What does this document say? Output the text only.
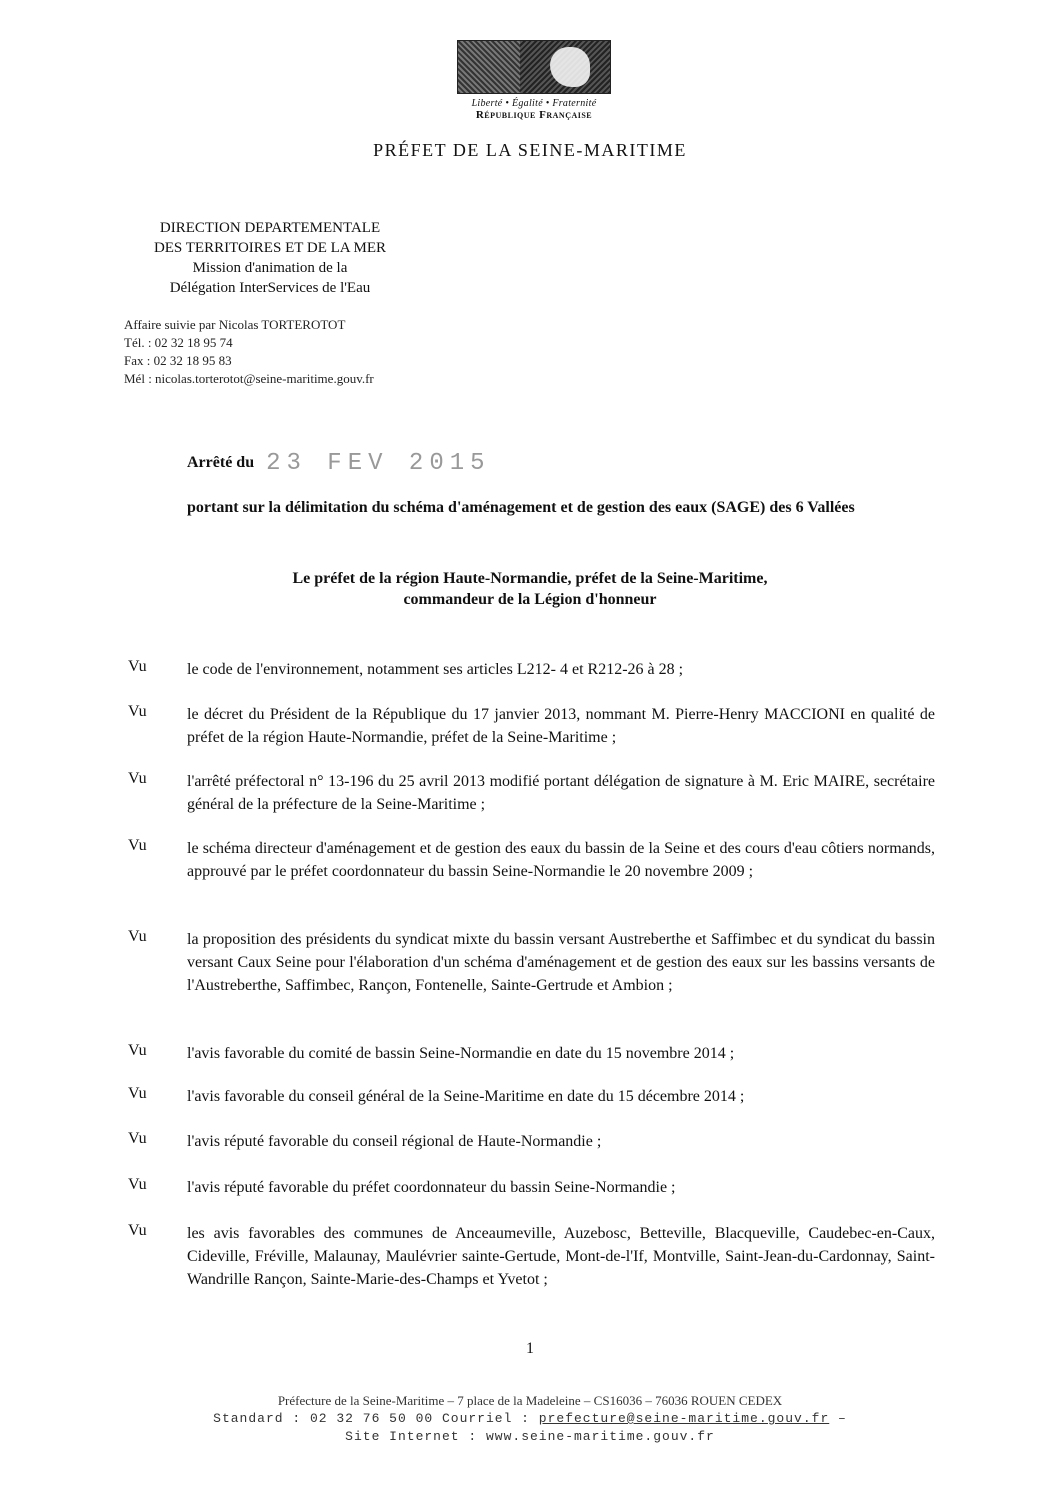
Liberté • Égalité • Fraternité
République Française
PRÉFET DE LA SEINE-MARITIME
DIRECTION DEPARTEMENTALE
DES TERRITOIRES ET DE LA MER
Mission d'animation de la
Délégation InterServices de l'Eau
Affaire suivie par Nicolas TORTEROTOT
Tél. : 02 32 18 95 74
Fax : 02 32 18 95 83
Mél : nicolas.torterotot@seine-maritime.gouv.fr
Arrêté du 23 FEV 2015
portant sur la délimitation du schéma d'aménagement et de gestion des eaux (SAGE) des 6 Vallées
Le préfet de la région Haute-Normandie, préfet de la Seine-Maritime,
commandeur de la Légion d'honneur
Vu	le code de l'environnement, notamment ses articles L212- 4 et R212-26 à 28 ;
Vu	le décret du Président de la République du 17 janvier 2013, nommant M. Pierre-Henry MACCIONI en qualité de préfet de la région Haute-Normandie, préfet de la Seine-Maritime ;
Vu	l'arrêté préfectoral n° 13-196 du 25 avril 2013 modifié portant délégation de signature à M. Eric MAIRE, secrétaire général de la préfecture de la Seine-Maritime ;
Vu	le schéma directeur d'aménagement et de gestion des eaux du bassin de la Seine et des cours d'eau côtiers normands, approuvé par le préfet coordonnateur du bassin Seine-Normandie le 20 novembre 2009 ;
Vu	la proposition des présidents du syndicat mixte du bassin versant Austreberthe et Saffimbec et du syndicat du bassin versant Caux Seine pour l'élaboration d'un schéma d'aménagement et de gestion des eaux sur les bassins versants de l'Austreberthe, Saffimbec, Rançon, Fontenelle, Sainte-Gertrude et Ambion ;
Vu	l'avis favorable du comité de bassin Seine-Normandie en date du 15 novembre 2014 ;
Vu	l'avis favorable du conseil général de la Seine-Maritime en date du 15 décembre 2014 ;
Vu	l'avis réputé favorable du conseil régional de Haute-Normandie ;
Vu	l'avis réputé favorable du préfet coordonnateur du bassin Seine-Normandie ;
Vu	les avis favorables des communes de Anceaumeville, Auzebosc, Betteville, Blacqueville, Caudebec-en-Caux, Cideville, Fréville, Malaunay, Maulévrier sainte-Gertude, Mont-de-l'If, Montville, Saint-Jean-du-Cardonnay, Saint-Wandrille Rançon, Sainte-Marie-des-Champs et Yvetot ;
1
Préfecture de la Seine-Maritime – 7 place de la Madeleine – CS16036 – 76036 ROUEN CEDEX
Standard : 02 32 76 50 00 Courriel : prefecture@seine-maritime.gouv.fr –
Site Internet : www.seine-maritime.gouv.fr
